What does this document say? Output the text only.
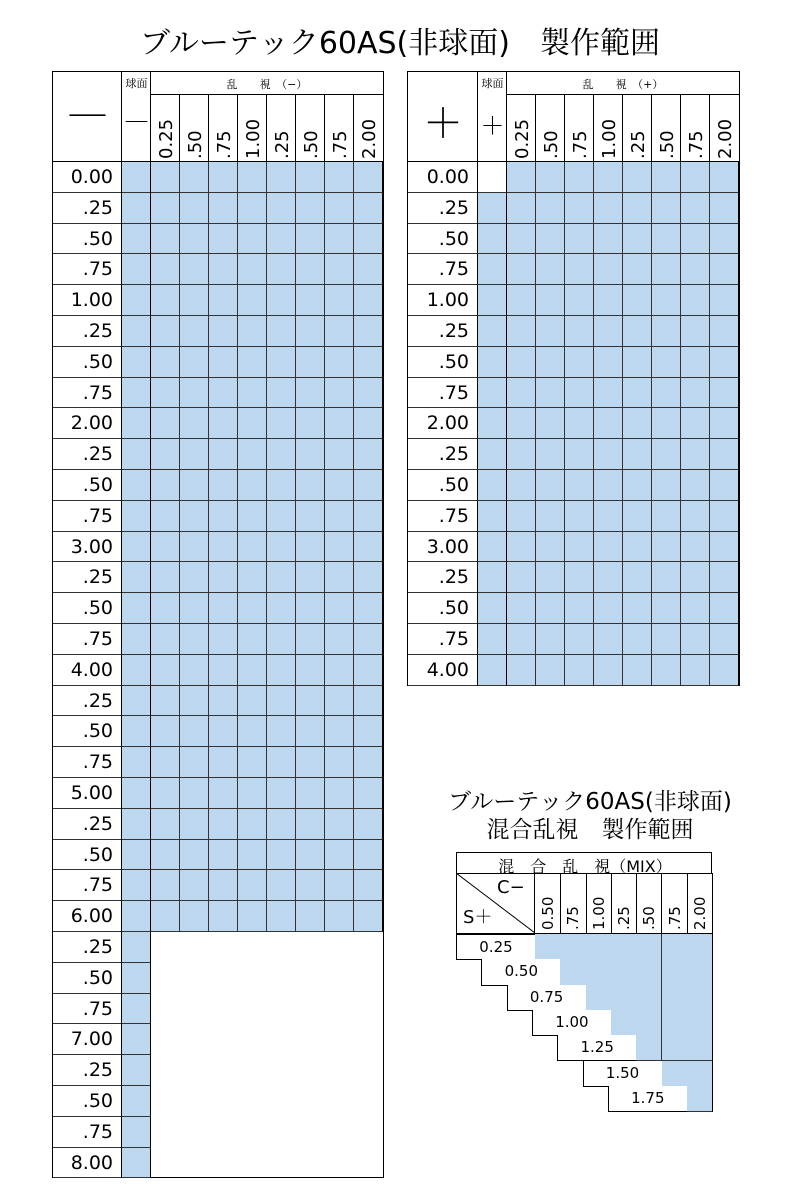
ブルーテック60AS(非球面)　製作範囲
—
球面
—
乱　　視　（−）
0.25 .50 .75 1.00 .25 .50 .75 2.00
0.00
.25
.50
.75
1.00
.25
.50
.75
2.00
.25
.50
.75
3.00
.25
.50
.75
4.00
.25
.50
.75
5.00
.25
.50
.75
6.00
.25
.50
.75
7.00
.25
.50
.75
8.00
＋
球面
＋
乱　　視　（+）
0.25 .50 .75 1.00 .25 .50 .75 2.00
0.00
.25
.50
.75
1.00
.25
.50
.75
2.00
.25
.50
.75
3.00
.25
.50
.75
4.00
ブルーテック60AS(非球面)
混合乱視　製作範囲
混　合　乱　視（MIX）
C−
S＋	0.50 .75 1.00 .25 .50 .75 2.00
0.25
0.50
0.75
1.00
1.25
1.50
1.75
